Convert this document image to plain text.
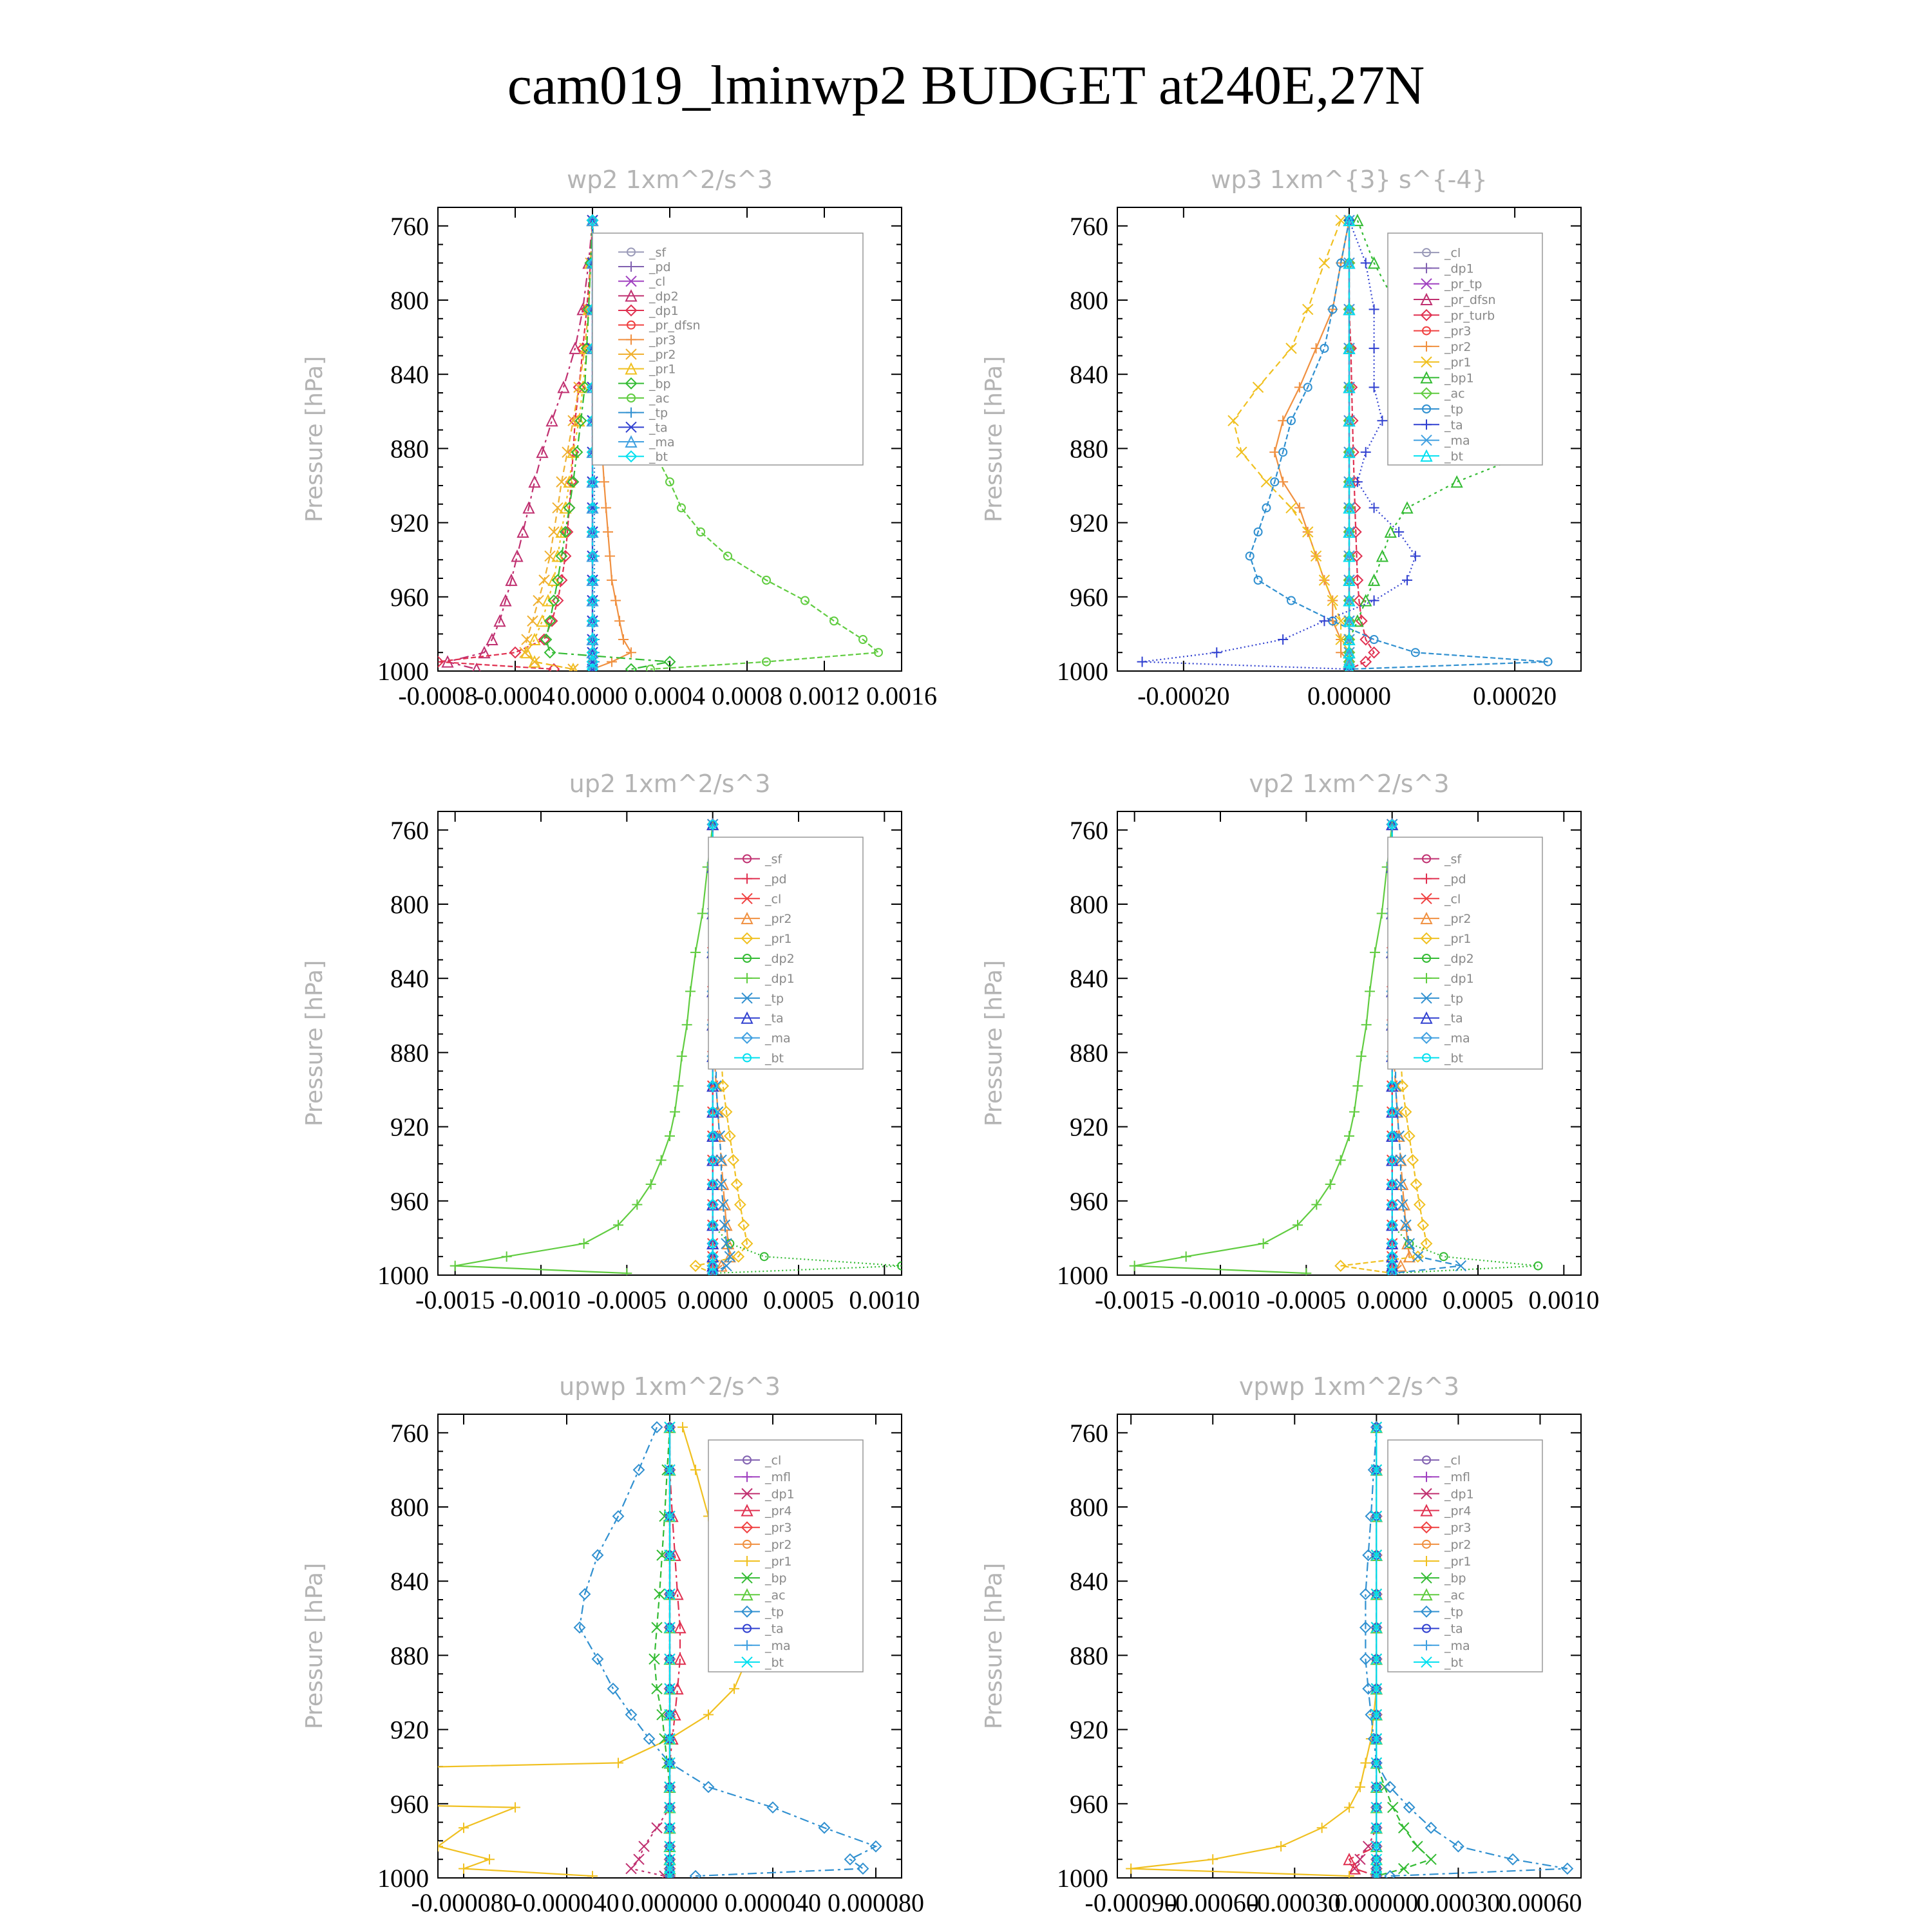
cam019_lminwp2 BUDGET at240E,27N
wp2 1xm^2/s^3
Pressure [hPa]
760
800
840
880
920
960
1000
-0.0008
-0.0004 0.0000 0.0004 0.0008 0.0012 0.0016
_sf
_pd
_cl
_dp2
_dp1
_pr_dfsn
_pr3
_pr2
_pr1
_bp
_ac
_tp
_ta
_ma
_bt
wp3 1xm^{3} s^{-4}
Pressure [hPa]
760
800
840
880
920
960
1000
-0.00020	0.00000	0.00020
_cl
_dp1
_pr_tp
_pr_dfsn
_pr_turb
_pr3
_pr2
_pr1
_bp1
_ac
_tp
_ta
_ma
_bt
up2 1xm^2/s^3
Pressure [hPa]
760
800
840
880
920
960
1000
-0.0015 -0.0010 -0.0005 0.0000 0.0005 0.0010
_sf
_pd
_cl
_pr2
_pr1
_dp2
_dp1
_tp
_ta
_ma
_bt
vp2 1xm^2/s^3
Pressure [hPa]
760
800
840
880
920
960
1000
-0.0015 -0.0010 -0.0005 0.0000 0.0005 0.0010
_sf
_pd
_cl
_pr2
_pr1
_dp2
_dp1
_tp
_ta
_ma
_bt
upwp 1xm^2/s^3
Pressure [hPa]
760
800
840
880
920
960
1000
-0.000080
-0.000040 0.000000 0.000040 0.000080
_cl
_mfl
_dp1
_pr4
_pr3
_pr2
_pr1
_bp
_ac
_tp
_ta
_ma
_bt
vpwp 1xm^2/s^3
Pressure [hPa]
760
800
840
880
920
960
1000
-0.00090
-0.00060
-0.00030
0.00000
0.00030
0.00060
_cl
_mfl
_dp1
_pr4
_pr3
_pr2
_pr1
_bp
_ac
_tp
_ta
_ma
_bt
